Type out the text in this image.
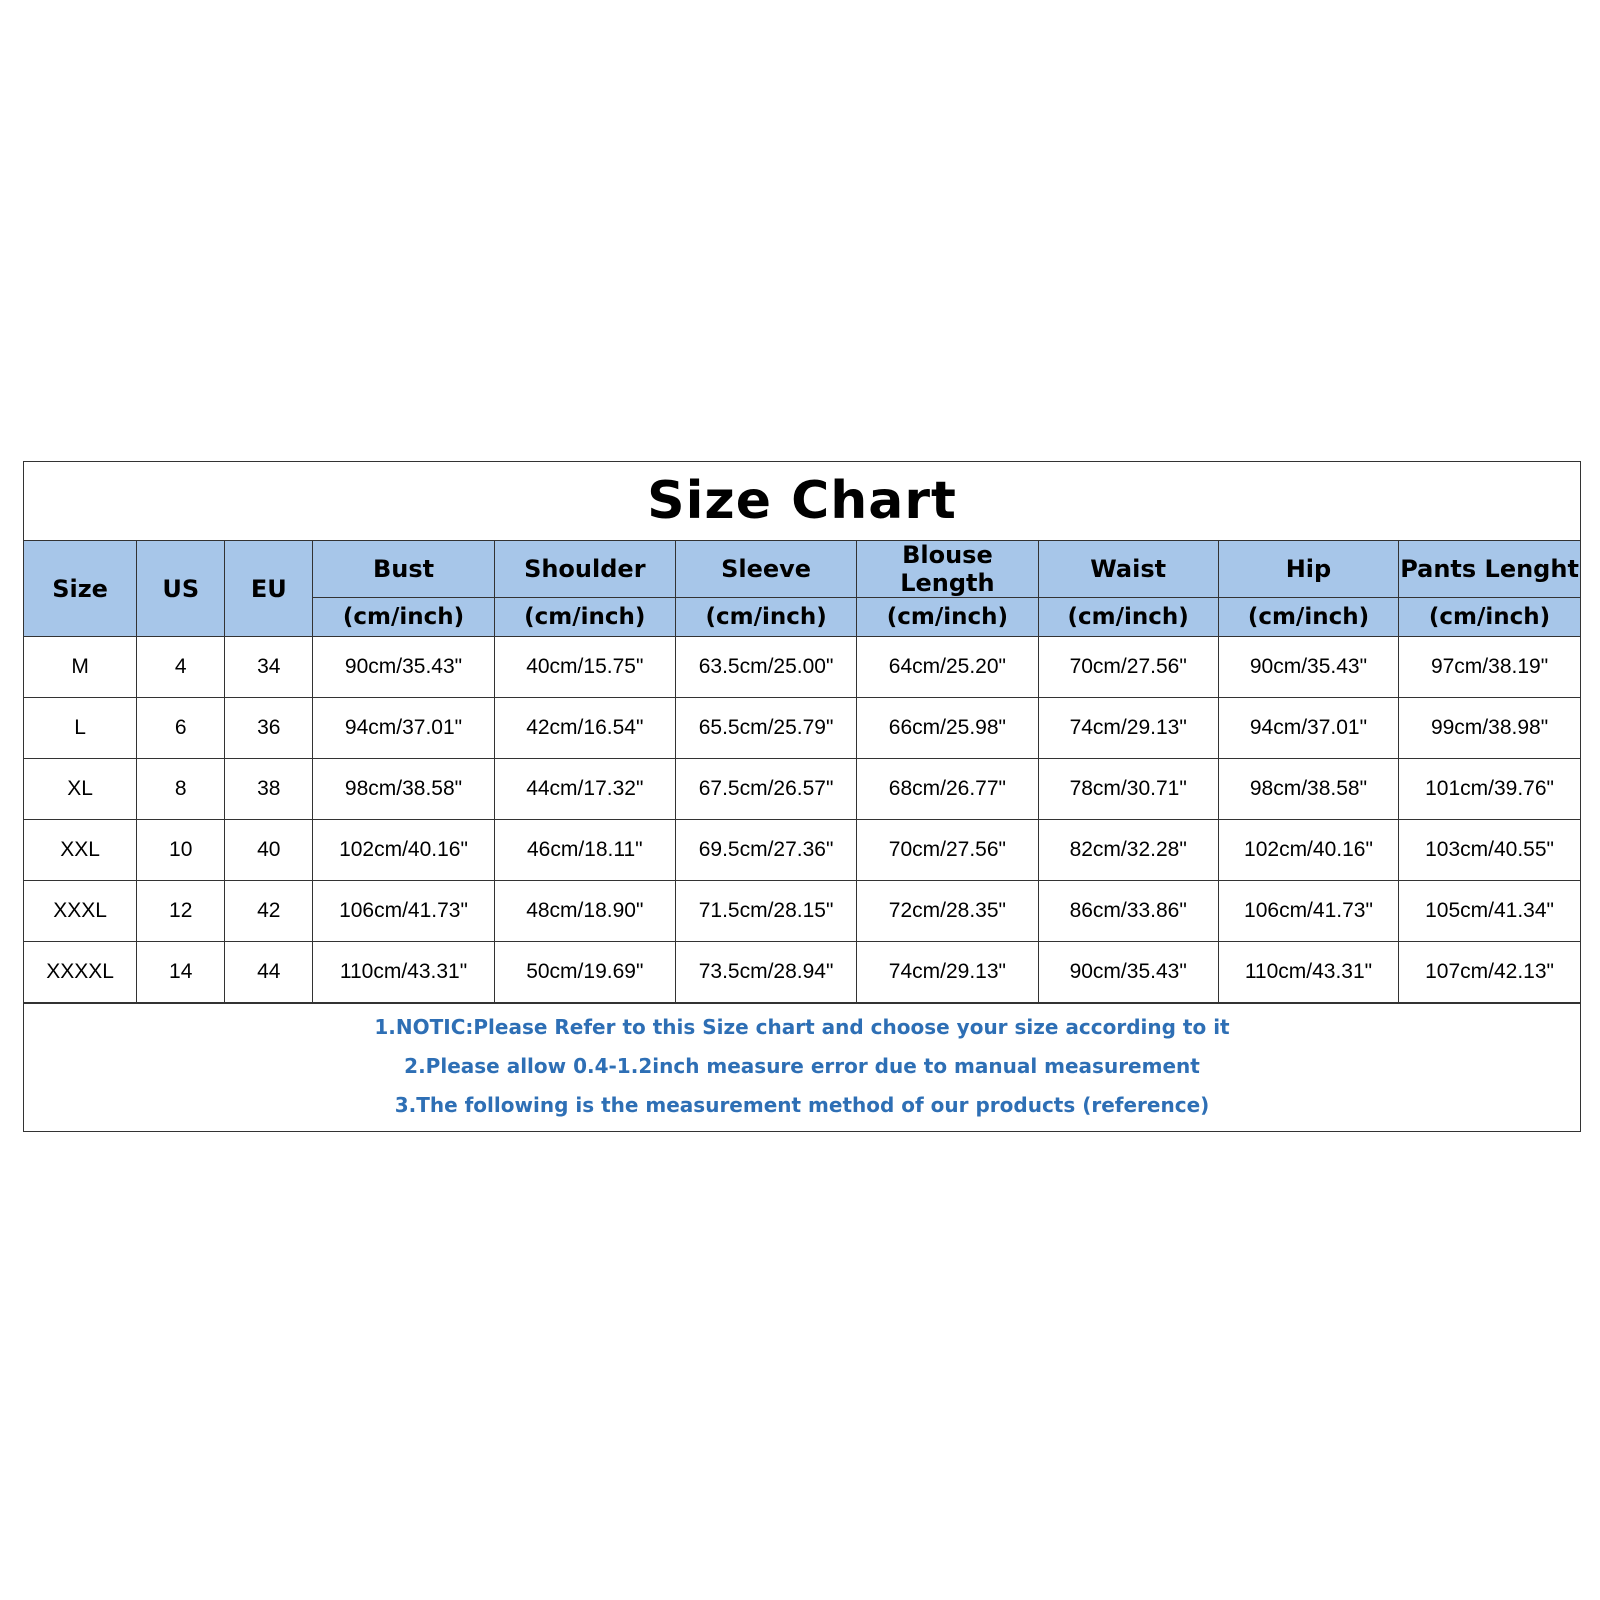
Size Chart
Size	US	EU	Bust	Shoulder	Sleeve	Blouse Length	Waist	Hip	Pants Lenght
			(cm/inch)	(cm/inch)	(cm/inch)	(cm/inch)	(cm/inch)	(cm/inch)	(cm/inch)
M	4	34	90cm/35.43"	40cm/15.75"	63.5cm/25.00"	64cm/25.20"	70cm/27.56"	90cm/35.43"	97cm/38.19"
L	6	36	94cm/37.01"	42cm/16.54"	65.5cm/25.79"	66cm/25.98"	74cm/29.13"	94cm/37.01"	99cm/38.98"
XL	8	38	98cm/38.58"	44cm/17.32"	67.5cm/26.57"	68cm/26.77"	78cm/30.71"	98cm/38.58"	101cm/39.76"
XXL	10	40	102cm/40.16"	46cm/18.11"	69.5cm/27.36"	70cm/27.56"	82cm/32.28"	102cm/40.16"	103cm/40.55"
XXXL	12	42	106cm/41.73"	48cm/18.90"	71.5cm/28.15"	72cm/28.35"	86cm/33.86"	106cm/41.73"	105cm/41.34"
XXXXL	14	44	110cm/43.31"	50cm/19.69"	73.5cm/28.94"	74cm/29.13"	90cm/35.43"	110cm/43.31"	107cm/42.13"
1.NOTIC:Please Refer to this Size chart and choose your size according to it
2.Please allow 0.4-1.2inch measure error due to manual measurement
3.The following is the measurement method of our products (reference)
